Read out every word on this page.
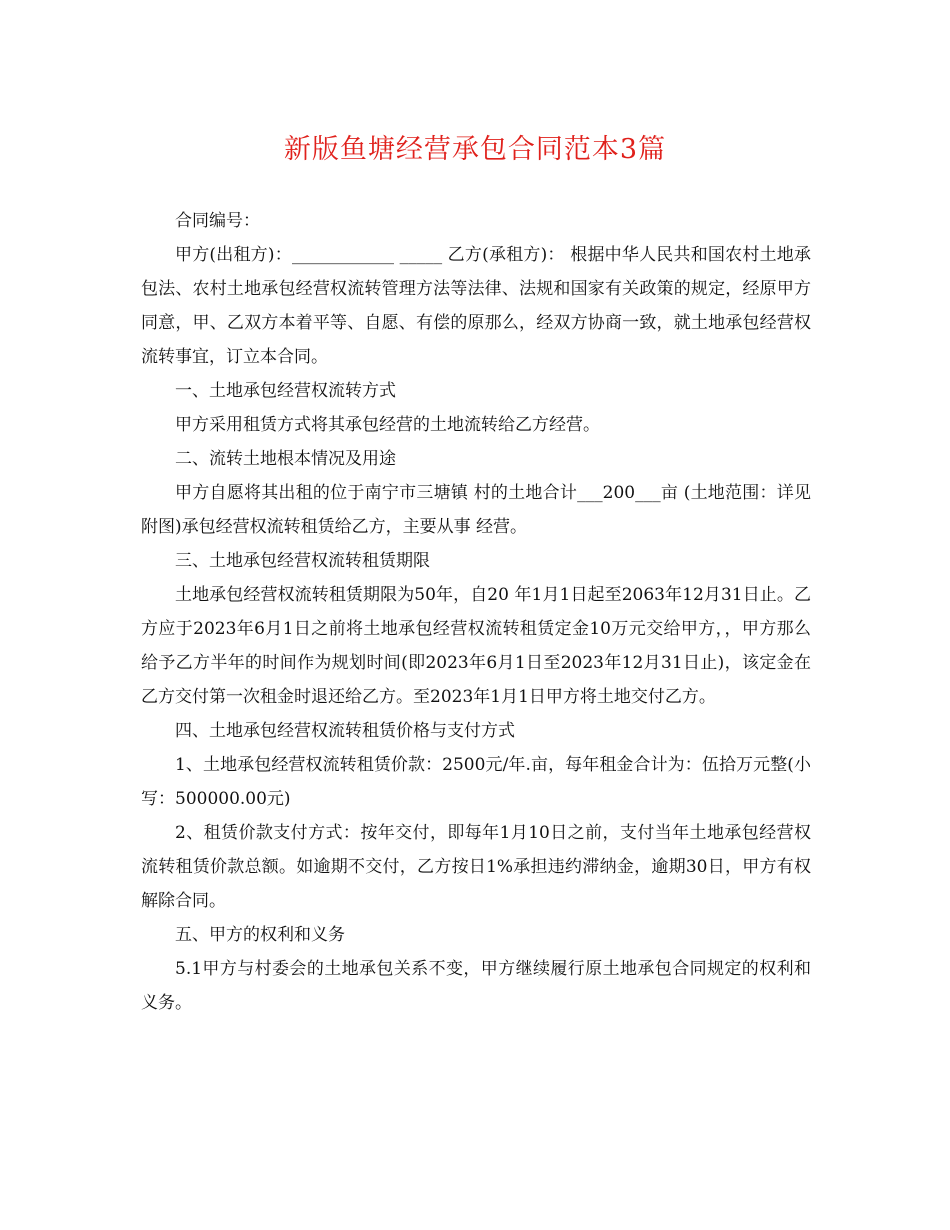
新版鱼塘经营承包合同范本3篇

合同编号：

甲方(出租方)：____________ _____ 乙方(承租方)： 根据中华人民共和国农村土地承包法、农村土地承包经营权流转管理方法等法律、法规和国家有关政策的规定，经原甲方同意，甲、乙双方本着平等、自愿、有偿的原那么，经双方协商一致，就土地承包经营权流转事宜，订立本合同。

一、土地承包经营权流转方式

甲方采用租赁方式将其承包经营的土地流转给乙方经营。

二、流转土地根本情况及用途

甲方自愿将其出租的位于南宁市三塘镇 村的土地合计___200___亩 (土地范围：详见附图)承包经营权流转租赁给乙方，主要从事 经营。

三、土地承包经营权流转租赁期限

土地承包经营权流转租赁期限为50年，自20 年1月1日起至2063年12月31日止。乙方应于2023年6月1日之前将土地承包经营权流转租赁定金10万元交给甲方，，甲方那么给予乙方半年的时间作为规划时间(即2023年6月1日至2023年12月31日止)，该定金在乙方交付第一次租金时退还给乙方。至2023年1月1日甲方将土地交付乙方。

四、土地承包经营权流转租赁价格与支付方式

1、土地承包经营权流转租赁价款：2500元/年.亩，每年租金合计为：伍拾万元整(小写：500000.00元)

2、租赁价款支付方式：按年交付，即每年1月10日之前，支付当年土地承包经营权流转租赁价款总额。如逾期不交付，乙方按日1%承担违约滞纳金，逾期30日，甲方有权解除合同。

五、甲方的权利和义务

5.1甲方与村委会的土地承包关系不变，甲方继续履行原土地承包合同规定的权利和义务。
